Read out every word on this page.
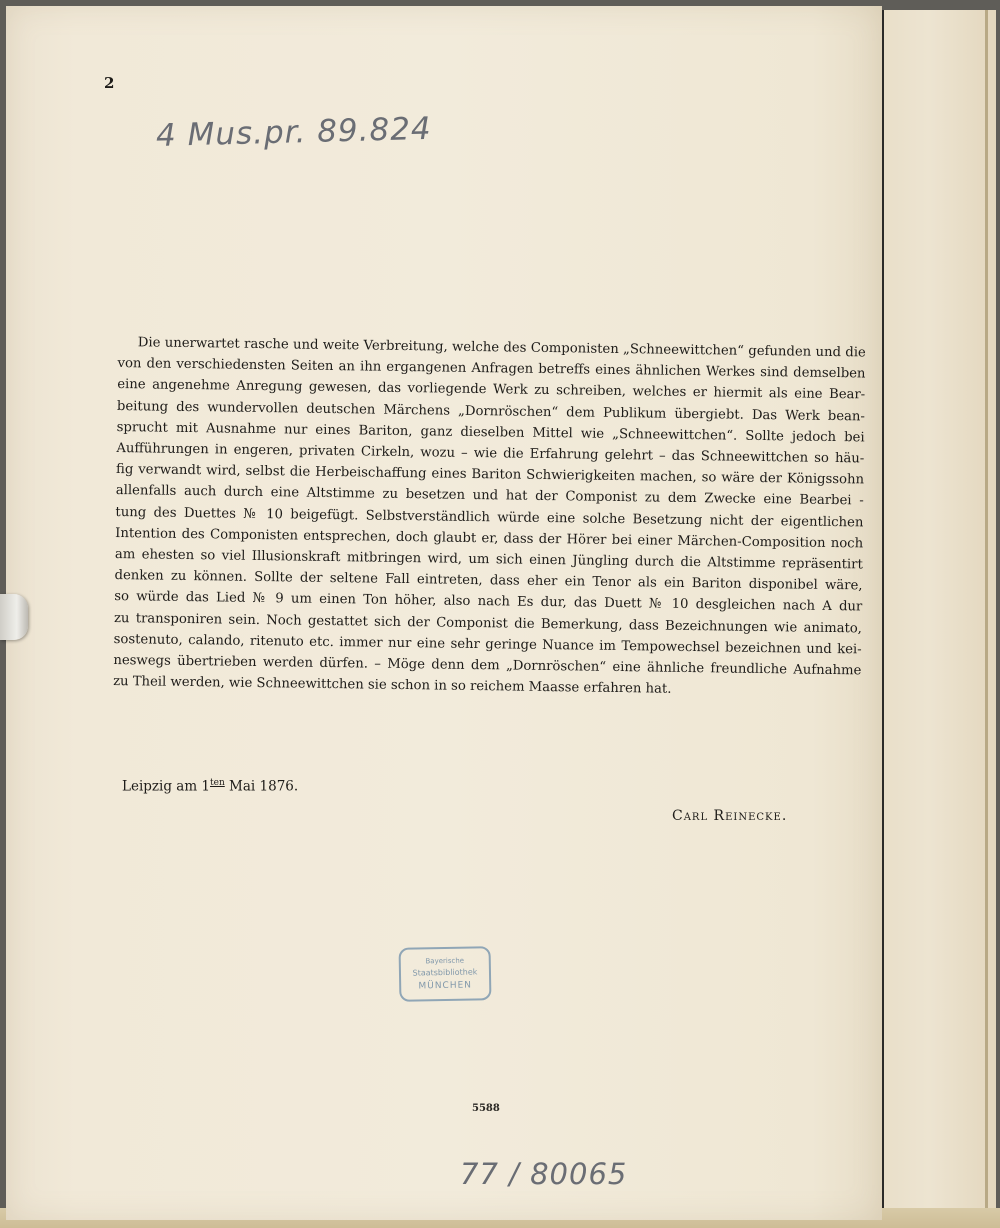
2
4 Mus.pr. 89.824
Die unerwartet rasche und weite Verbreitung, welche des Componisten „Schneewittchen“ gefunden und die
von den verschiedensten Seiten an ihn ergangenen Anfragen betreffs eines ähnlichen Werkes sind demselben
eine angenehme Anregung gewesen, das vorliegende Werk zu schreiben, welches er hiermit als eine Bear-
beitung des wundervollen deutschen Märchens „Dornröschen“ dem Publikum übergiebt. Das Werk bean-
sprucht mit Ausnahme nur eines Bariton, ganz dieselben Mittel wie „Schneewittchen“. Sollte jedoch bei
Aufführungen in engeren, privaten Cirkeln, wozu – wie die Erfahrung gelehrt – das Schneewittchen so häu-
fig verwandt wird, selbst die Herbeischaffung eines Bariton Schwierigkeiten machen, so wäre der Königssohn
allenfalls auch durch eine Altstimme zu besetzen und hat der Componist zu dem Zwecke eine Bearbei -
tung des Duettes № 10 beigefügt. Selbstverständlich würde eine solche Besetzung nicht der eigentlichen
Intention des Componisten entsprechen, doch glaubt er, dass der Hörer bei einer Märchen-Composition noch
am ehesten so viel Illusionskraft mitbringen wird, um sich einen Jüngling durch die Altstimme repräsentirt
denken zu können. Sollte der seltene Fall eintreten, dass eher ein Tenor als ein Bariton disponibel wäre,
so würde das Lied № 9 um einen Ton höher, also nach Es dur, das Duett № 10 desgleichen nach A dur
zu transponiren sein. Noch gestattet sich der Componist die Bemerkung, dass Bezeichnungen wie animato,
sostenuto, calando, ritenuto etc. immer nur eine sehr geringe Nuance im Tempowechsel bezeichnen und kei-
neswegs übertrieben werden dürfen. – Möge denn dem „Dornröschen“ eine ähnliche freundliche Aufnahme
zu Theil werden, wie Schneewittchen sie schon in so reichem Maasse erfahren hat.
Leipzig am $1^{ten}$ Mai 1876.
Carl Reinecke.
Bayerische
Staatsbibliothek
MÜNCHEN
5588
77 / 80065
